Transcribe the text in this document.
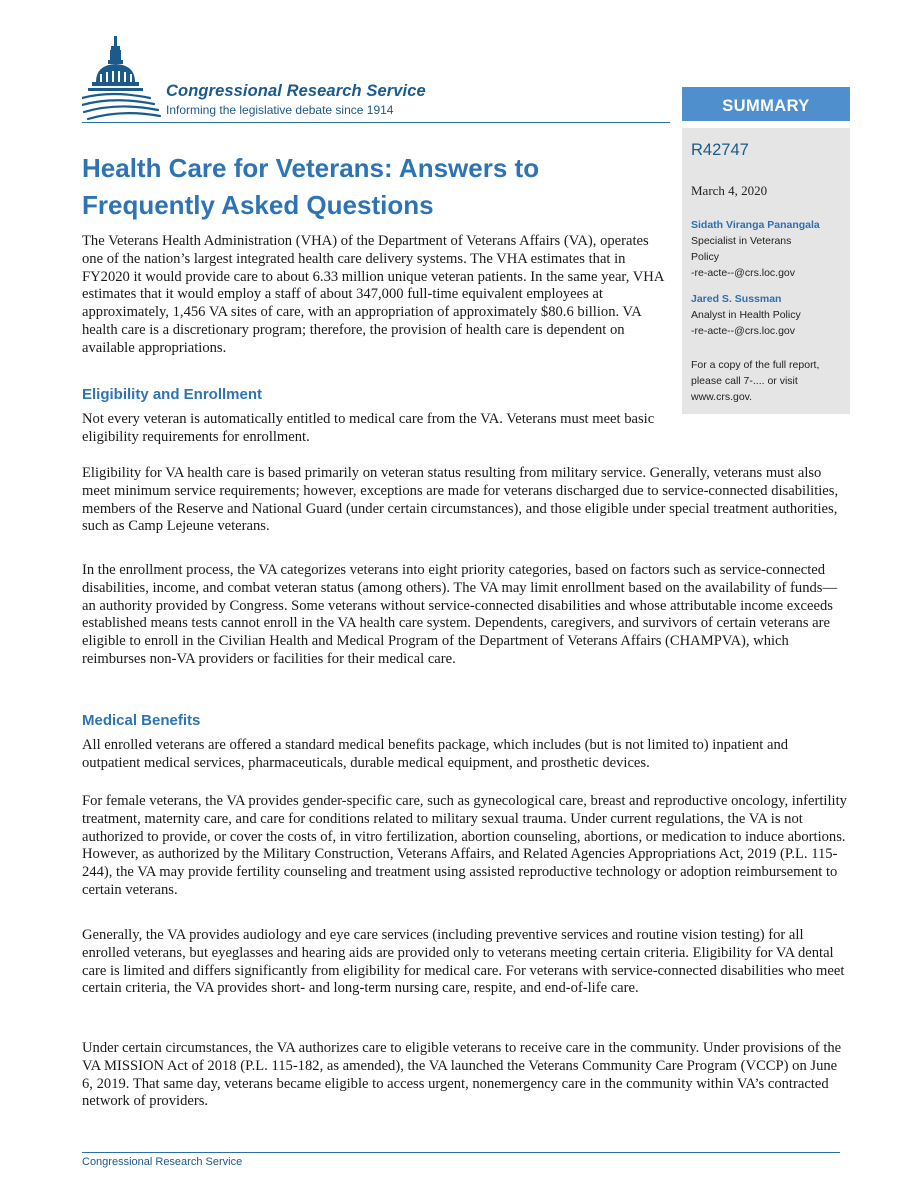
Congressional Research Service
Informing the legislative debate since 1914	SUMMARY
R42747
March 4, 2020
Sidath Viranga Panangala
Specialist in Veterans
Policy
-re-acte--@crs.loc.gov
Jared S. Sussman
Analyst in Health Policy
-re-acte--@crs.loc.gov
For a copy of the full report,
please call 7-.... or visit
www.crs.gov.
Health Care for Veterans: Answers to Frequently Asked Questions

The Veterans Health Administration (VHA) of the Department of Veterans Affairs (VA), operates one of the nation’s largest integrated health care delivery systems. The VHA estimates that in FY2020 it would provide care to about 6.33 million unique veteran patients. In the same year, VHA estimates that it would employ a staff of about 347,000 full-time equivalent employees at approximately, 1,456 VA sites of care, with an appropriation of approximately $80.6 billion. VA health care is a discretionary program; therefore, the provision of health care is dependent on available appropriations.

Eligibility and Enrollment

Not every veteran is automatically entitled to medical care from the VA. Veterans must meet basic eligibility requirements for enrollment.

Eligibility for VA health care is based primarily on veteran status resulting from military service. Generally, veterans must also meet minimum service requirements; however, exceptions are made for veterans discharged due to service-connected disabilities, members of the Reserve and National Guard (under certain circumstances), and those eligible under special treatment authorities, such as Camp Lejeune veterans.

In the enrollment process, the VA categorizes veterans into eight priority categories, based on factors such as service-connected disabilities, income, and combat veteran status (among others). The VA may limit enrollment based on the availability of funds—an authority provided by Congress. Some veterans without service-connected disabilities and whose attributable income exceeds established means tests cannot enroll in the VA health care system. Dependents, caregivers, and survivors of certain veterans are eligible to enroll in the Civilian Health and Medical Program of the Department of Veterans Affairs (CHAMPVA), which reimburses non-VA providers or facilities for their medical care.

Medical Benefits

All enrolled veterans are offered a standard medical benefits package, which includes (but is not limited to) inpatient and outpatient medical services, pharmaceuticals, durable medical equipment, and prosthetic devices.

For female veterans, the VA provides gender-specific care, such as gynecological care, breast and reproductive oncology, infertility treatment, maternity care, and care for conditions related to military sexual trauma. Under current regulations, the VA is not authorized to provide, or cover the costs of, in vitro fertilization, abortion counseling, abortions, or medication to induce abortions. However, as authorized by the Military Construction, Veterans Affairs, and Related Agencies Appropriations Act, 2019 (P.L. 115-244), the VA may provide fertility counseling and treatment using assisted reproductive technology or adoption reimbursement to certain veterans.

Generally, the VA provides audiology and eye care services (including preventive services and routine vision testing) for all enrolled veterans, but eyeglasses and hearing aids are provided only to veterans meeting certain criteria. Eligibility for VA dental care is limited and differs significantly from eligibility for medical care. For veterans with service-connected disabilities who meet certain criteria, the VA provides short- and long-term nursing care, respite, and end-of-life care.

Under certain circumstances, the VA authorizes care to eligible veterans to receive care in the community. Under provisions of the VA MISSION Act of 2018 (P.L. 115-182, as amended), the VA launched the Veterans Community Care Program (VCCP) on June 6, 2019. That same day, veterans became eligible to access urgent, nonemergency care in the community within VA’s contracted network of providers.

Congressional Research Service
